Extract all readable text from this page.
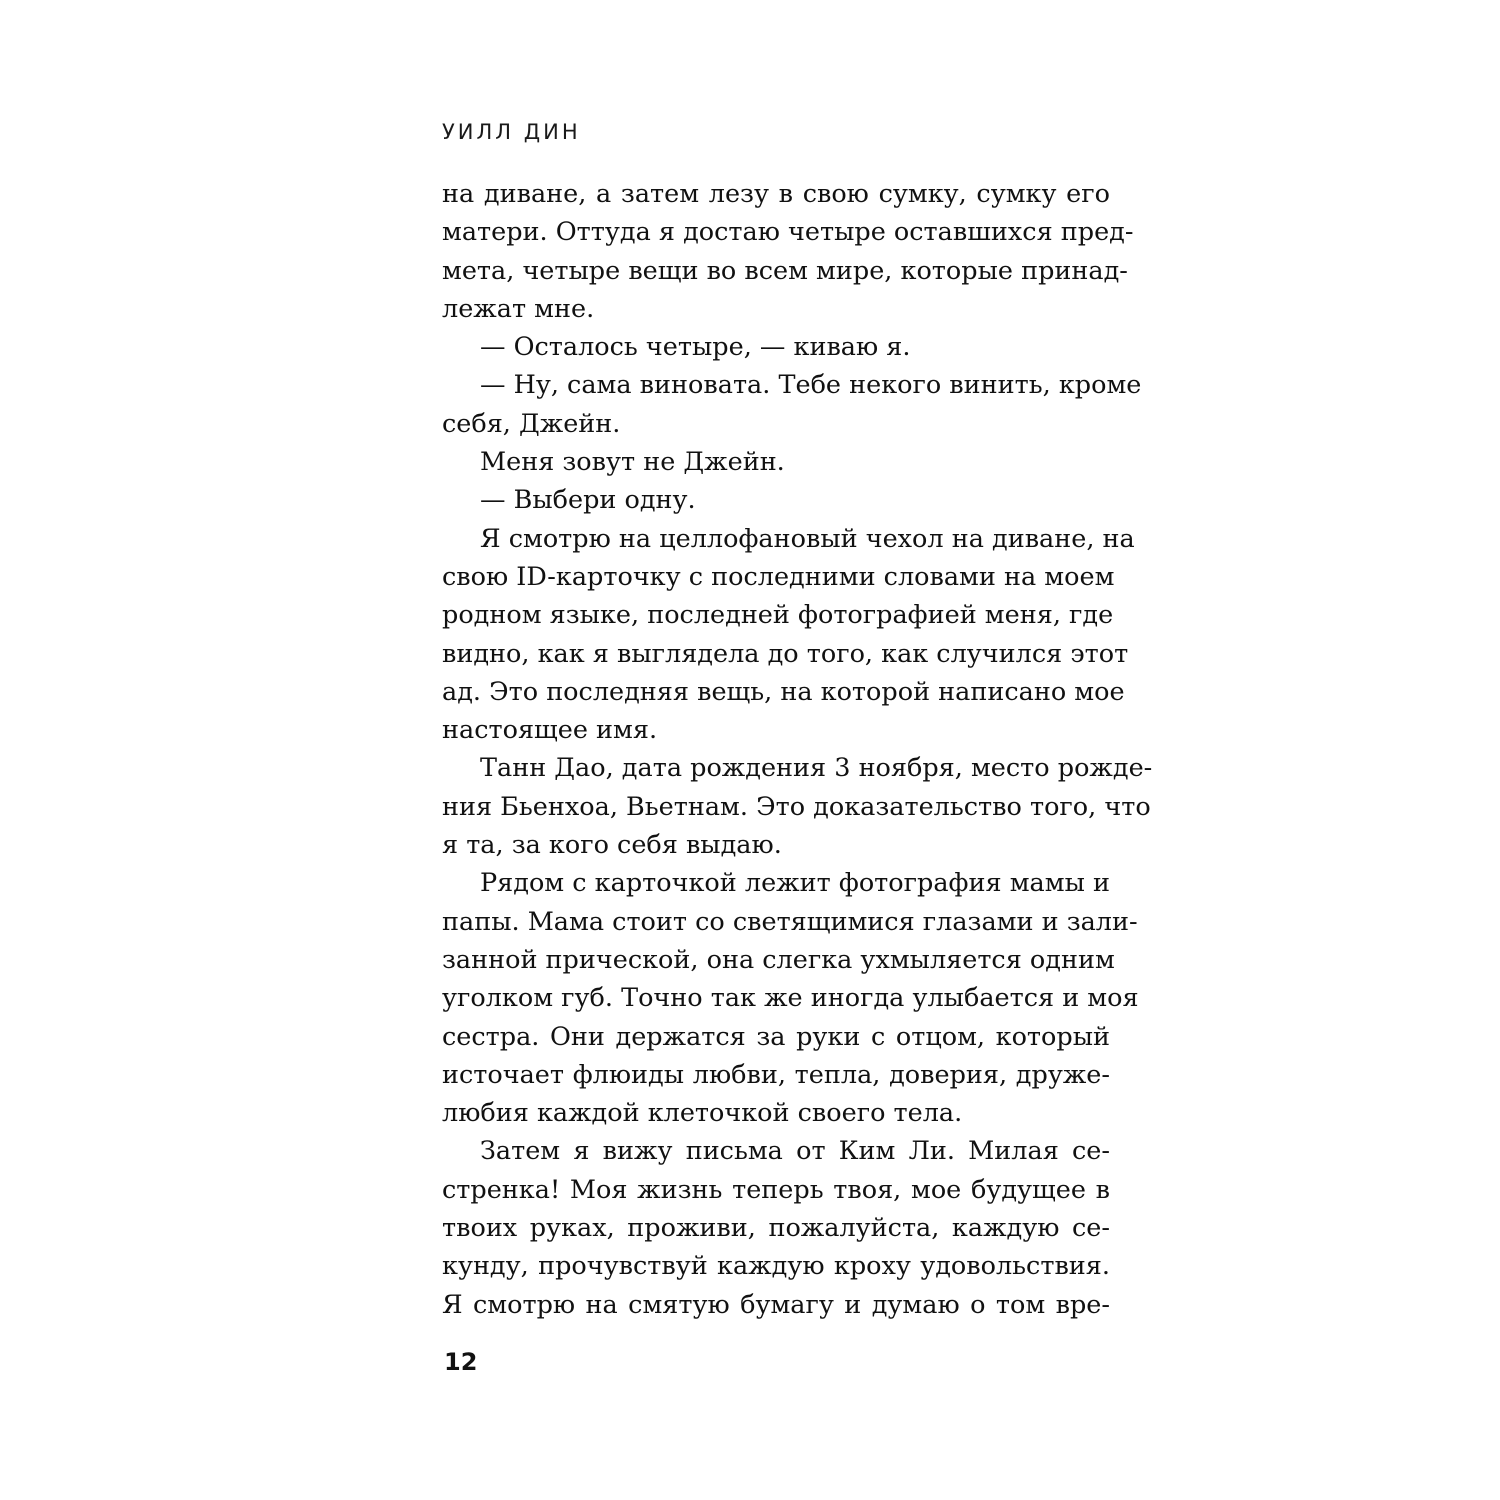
УИЛЛ ДИН
на диване, а затем лезу в свою сумку, сумку его
матери. Оттуда я достаю четыре оставшихся пред-
мета, четыре вещи во всем мире, которые принад-
лежат мне.
— Осталось четыре, — киваю я.
— Ну, сама виновата. Тебе некого винить, кроме
себя, Джейн.
Меня зовут не Джейн.
— Выбери одну.
Я смотрю на целлофановый чехол на диване, на
свою ID-карточку с последними словами на моем
родном языке, последней фотографией меня, где
видно, как я выглядела до того, как случился этот
ад. Это последняя вещь, на которой написано мое
настоящее имя.
Танн Дао, дата рождения 3 ноября, место рожде-
ния Бьенхоа, Вьетнам. Это доказательство того, что
я та, за кого себя выдаю.
Рядом с карточкой лежит фотография мамы и
папы. Мама стоит со светящимися глазами и зали-
занной прической, она слегка ухмыляется одним
уголком губ. Точно так же иногда улыбается и моя
сестра. Они держатся за руки с отцом, который
источает флюиды любви, тепла, доверия, друже-
любия каждой клеточкой своего тела.
Затем я вижу письма от Ким Ли. Милая се-
стренка! Моя жизнь теперь твоя, мое будущее в
твоих руках, проживи, пожалуйста, каждую се-
кунду, прочувствуй каждую кроху удовольствия.
Я смотрю на смятую бумагу и думаю о том вре-
12
